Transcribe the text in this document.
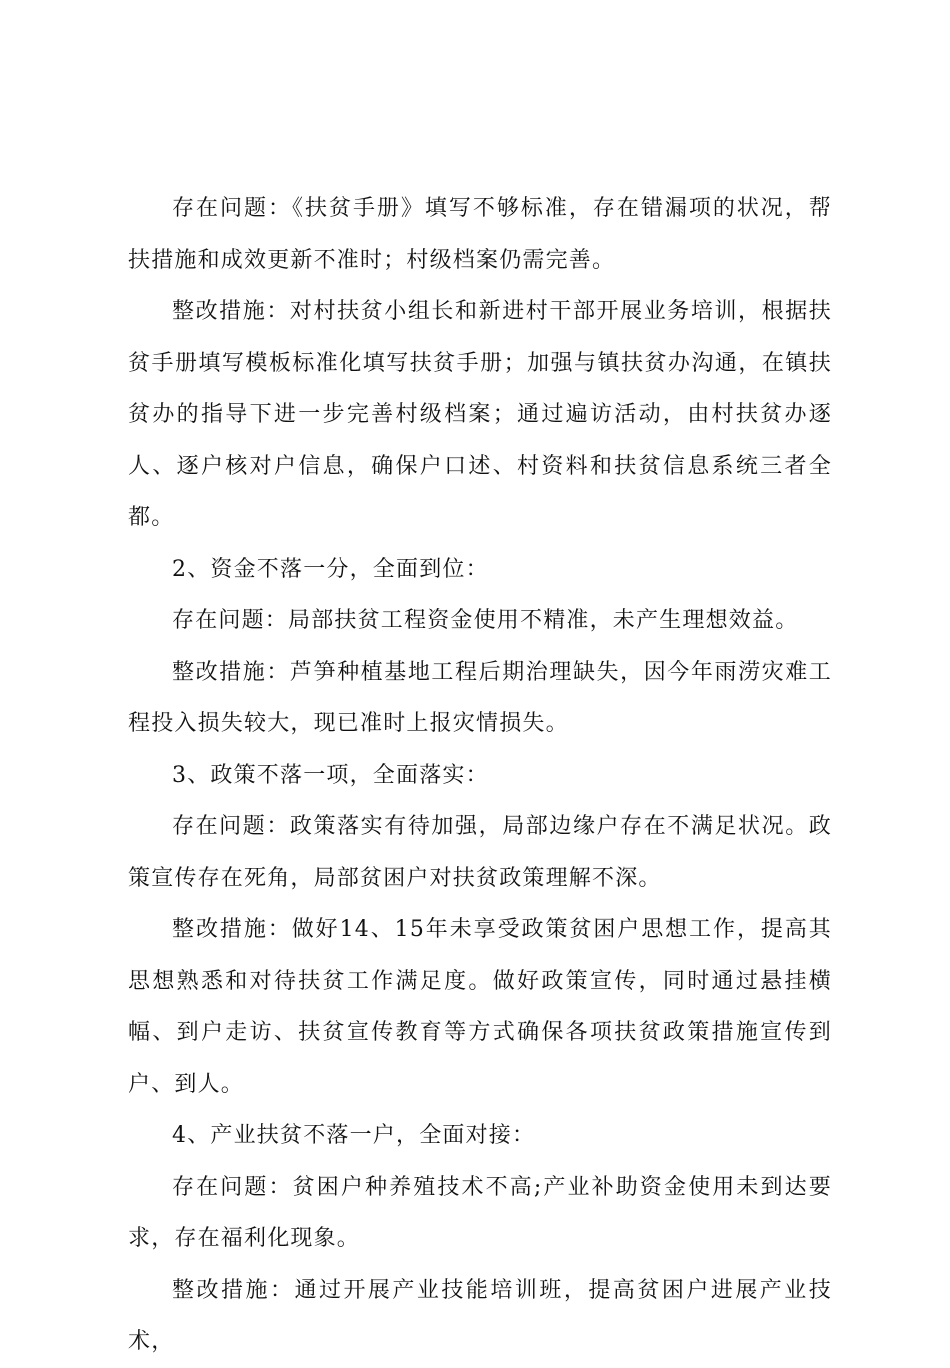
存在问题：《扶贫手册》填写不够标准，存在错漏项的状况，帮扶措施和成效更新不准时；村级档案仍需完善。

整改措施：对村扶贫小组长和新进村干部开展业务培训，根据扶贫手册填写模板标准化填写扶贫手册；加强与镇扶贫办沟通，在镇扶贫办的指导下进一步完善村级档案；通过遍访活动，由村扶贫办逐人、逐户核对户信息，确保户口述、村资料和扶贫信息系统三者全都。

2、资金不落一分，全面到位：

存在问题：局部扶贫工程资金使用不精准，未产生理想效益。

整改措施：芦笋种植基地工程后期治理缺失，因今年雨涝灾难工程投入损失较大，现已准时上报灾情损失。

3、政策不落一项，全面落实：

存在问题：政策落实有待加强，局部边缘户存在不满足状况。政策宣传存在死角，局部贫困户对扶贫政策理解不深。

整改措施：做好14、15年未享受政策贫困户思想工作，提高其思想熟悉和对待扶贫工作满足度。做好政策宣传，同时通过悬挂横幅、到户走访、扶贫宣传教育等方式确保各项扶贫政策措施宣传到户、到人。

4、产业扶贫不落一户，全面对接：

存在问题：贫困户种养殖技术不高;产业补助资金使用未到达要求，存在福利化现象。

整改措施：通过开展产业技能培训班，提高贫困户进展产业技术，
